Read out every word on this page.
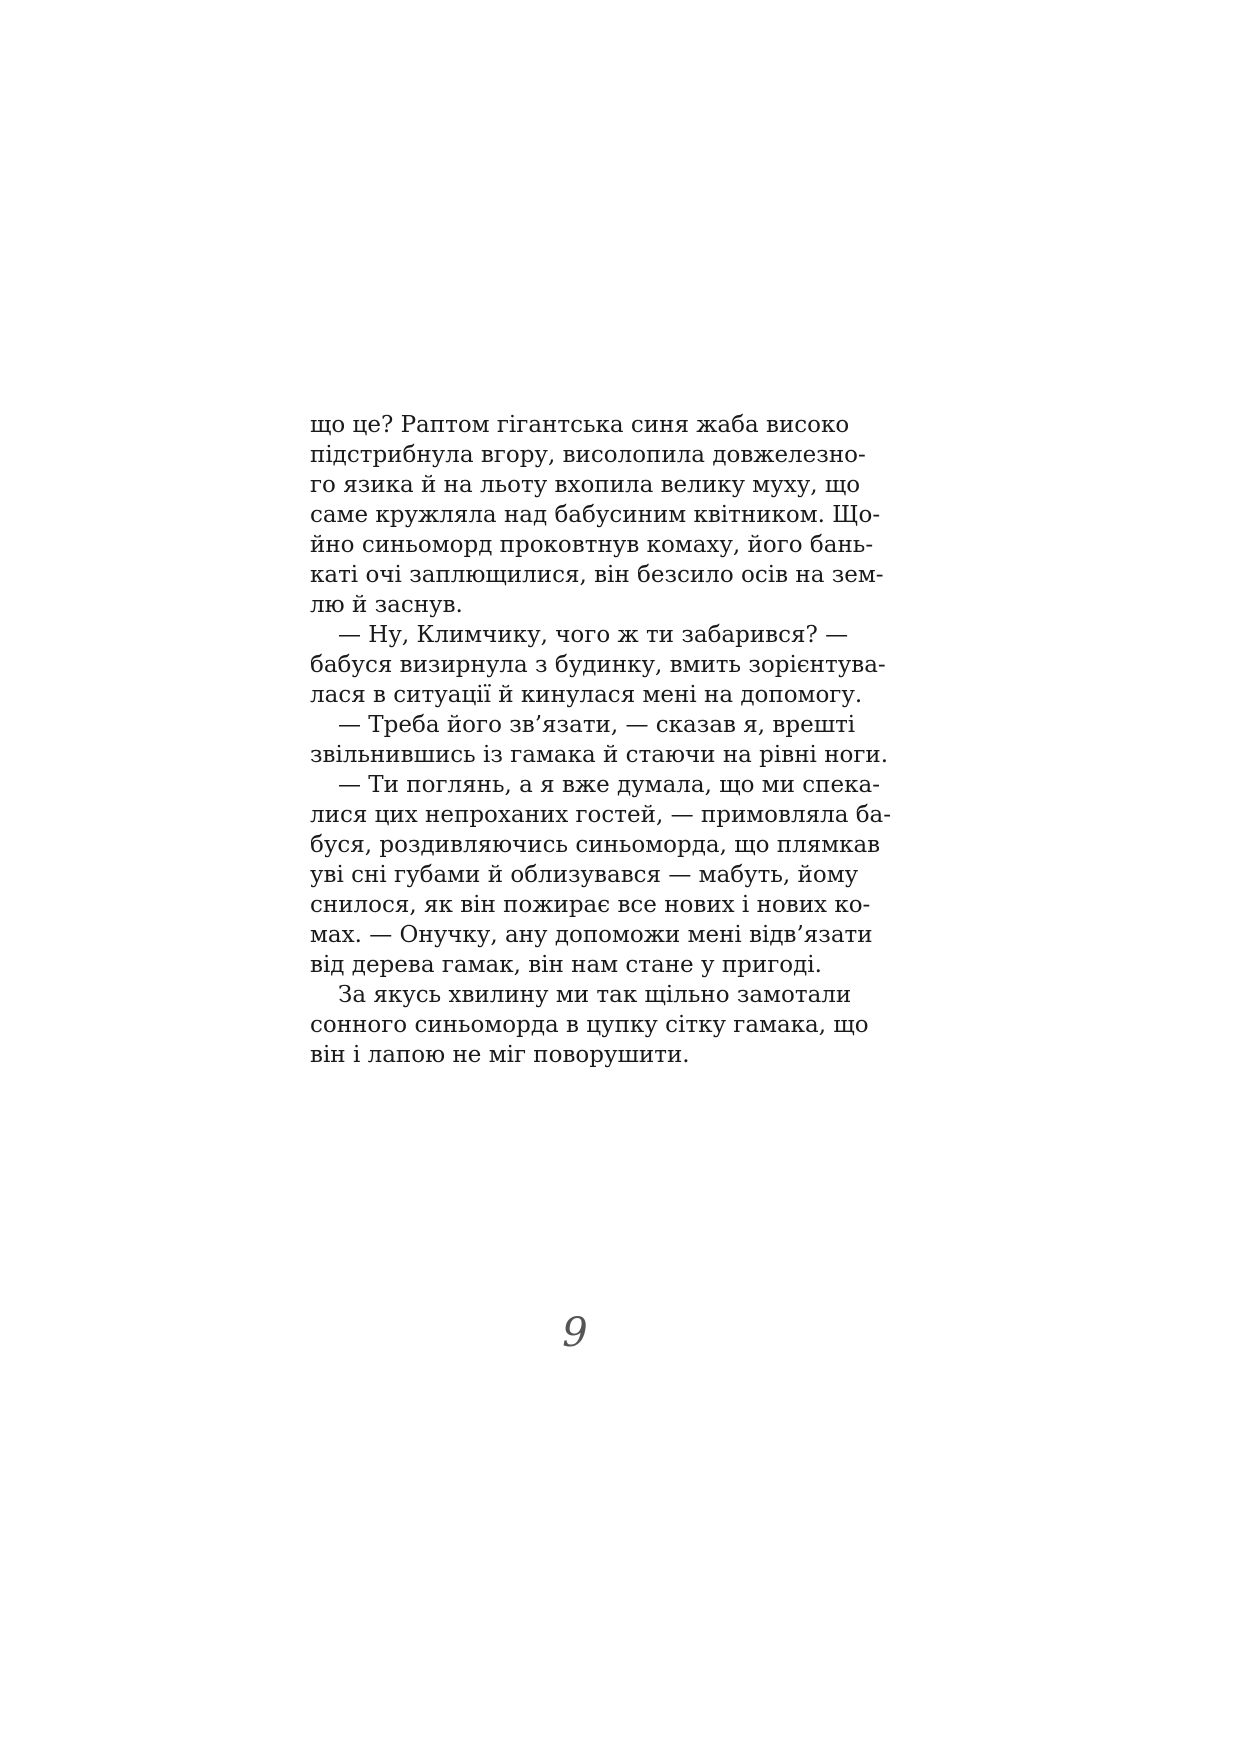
що це? Раптом гігантська синя жаба високо
підстрибнула вгору, висолопила довжелезно-
го язика й на льоту вхопила велику муху, що
саме кружляла над бабусиним квітником. Що-
йно синьоморд проковтнув комаху, його бань-
каті очі заплющилися, він безсило осів на зем-
лю й заснув.
— Ну, Климчику, чого ж ти забарився? —
бабуся визирнула з будинку, вмить зорієнтува-
лася в ситуації й кинулася мені на допомогу.
— Треба його зв’язати, — сказав я, врешті
звільнившись із гамака й стаючи на рівні ноги.
— Ти поглянь, а я вже думала, що ми спека-
лися цих непроханих гостей, — примовляла ба-
буся, роздивляючись синьоморда, що плямкав
уві сні губами й облизувався — мабуть, йому
снилося, як він пожирає все нових і нових ко-
мах. — Онучку, ану допоможи мені відв’язати
від дерева гамак, він нам стане у пригоді.
За якусь хвилину ми так щільно замотали
сонного синьоморда в цупку сітку гамака, що
він і лапою не міг поворушити.
9
